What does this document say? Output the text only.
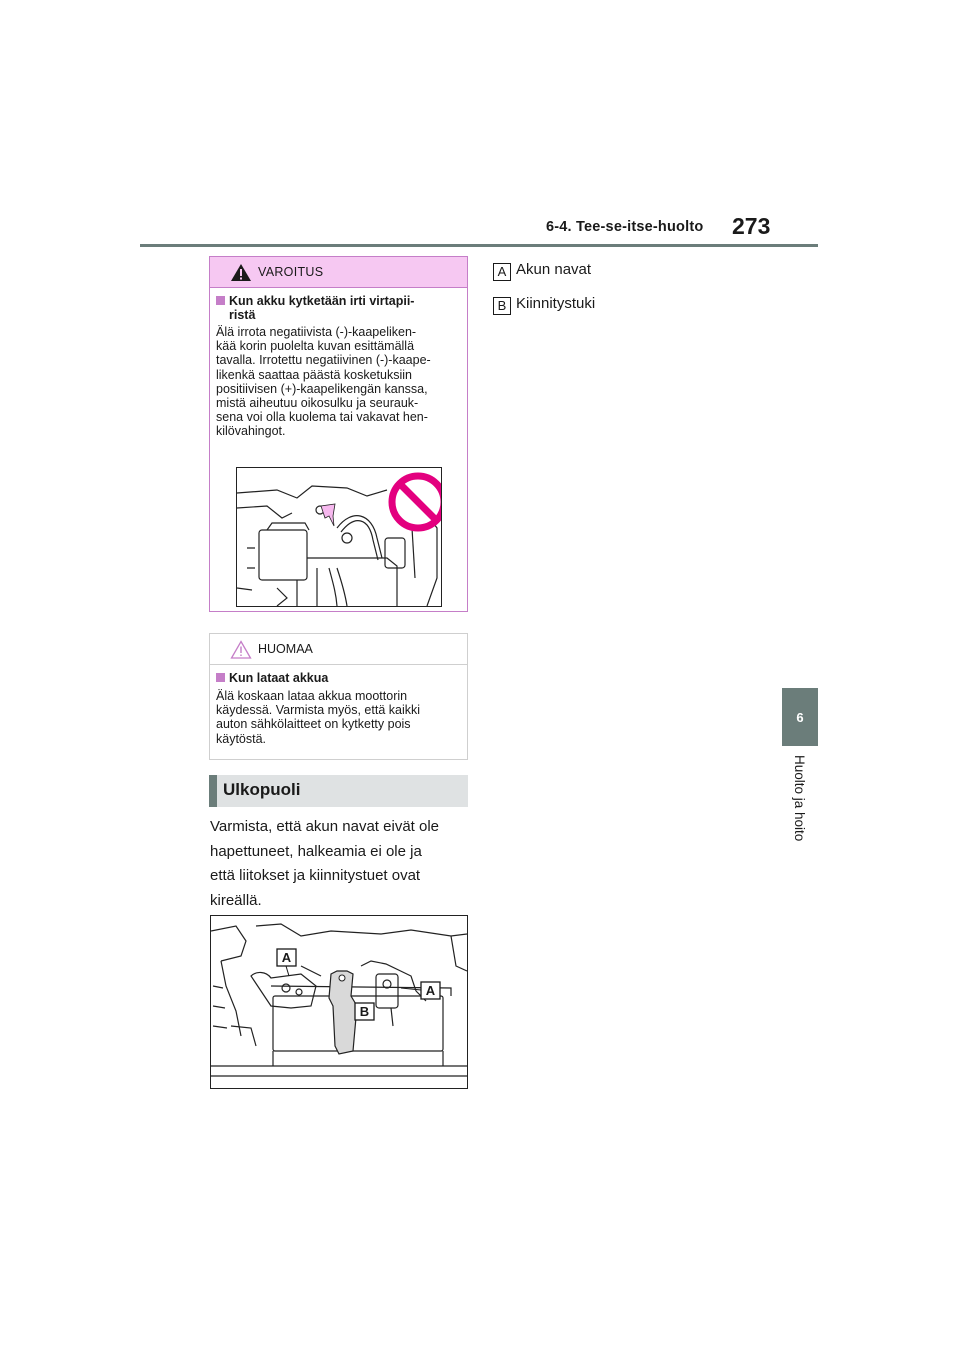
6-4. Tee-se-itse-huolto 273
6
Huolto ja hoito
VAROITUS
Kun akku kytketään irti virtapii-
ristä
Älä irrota negatiivista (-)-kaapeliken-
kää korin puolelta kuvan esittämällä
tavalla. Irrotettu negatiivinen (-)-kaape-
likenkä saattaa päästä kosketuksiin
positiivisen (+)-kaapelikengän kanssa,
mistä aiheutuu oikosulku ja seurauk-
sena voi olla kuolema tai vakavat hen-
kilövahingot.
HUOMAA
Kun lataat akkua
Älä koskaan lataa akkua moottorin
käydessä. Varmista myös, että kaikki
auton sähkölaitteet on kytketty pois
käytöstä.
Ulkopuoli
Varmista, että akun navat eivät ole
hapettuneet, halkeamia ei ole ja
että liitokset ja kiinnitystuet ovat
kireällä.
A
A
B
A Akun navat
B Kiinnitystuki
